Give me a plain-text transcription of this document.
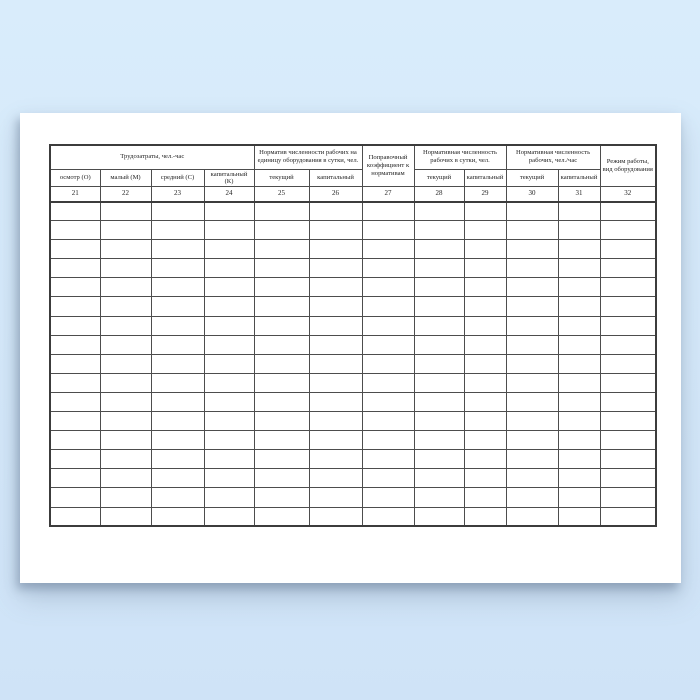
Трудозатраты, чел.-час				Норматив численности рабочих на единицу оборудования в сутки, чел.		Поправочный коэффициент к нормативам	Нормативная численность рабочих в сутки, чел.		Нормативная численность рабочих, чел./час		Режим работы, вид оборудования
осмотр (О)	малый (М)	средний (С)	капитальный (К)	текущий	капитальный		текущий	капитальный	текущий	капитальный	
21	22	23	24	25	26	27	28	29	30	31	32
